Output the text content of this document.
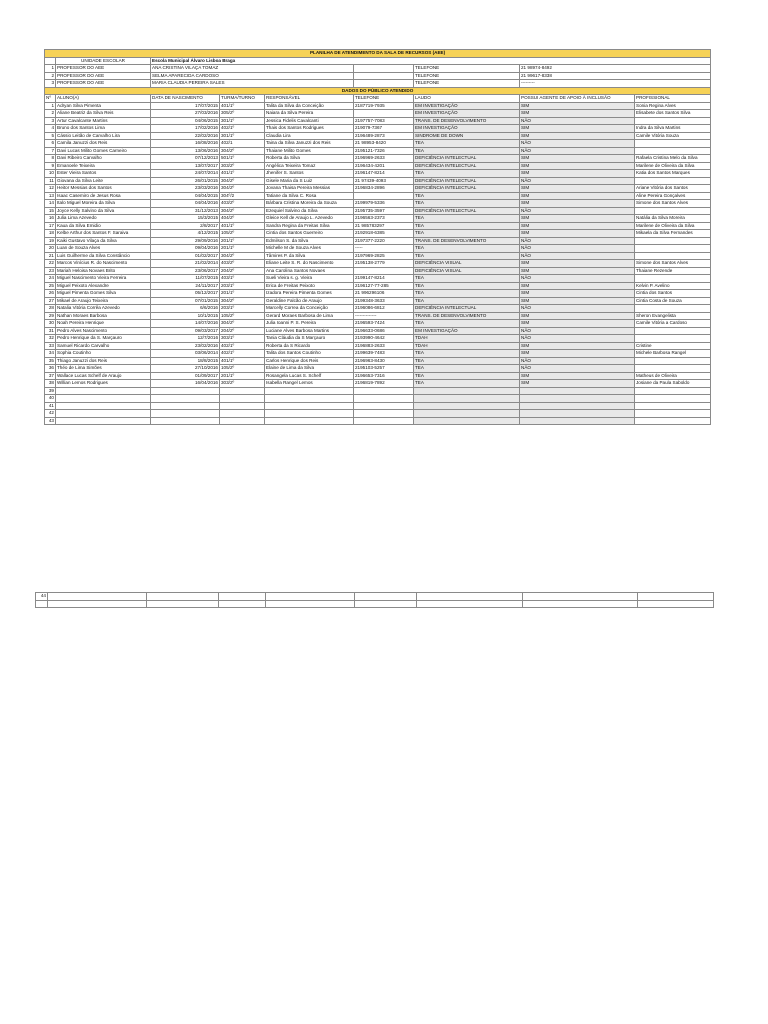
PLANILHA DE ATENDIMENTO DA SALA DE RECURSOS (AEE)								
	UNIDADE ESCOLAR	Escola Municipal Álvaro Lisboa Braga						
1	PROFESSOR DO AEE	ANA CRISTINA VILAÇA TOMAZ				TELEFONE	21 98974-8492	
2	PROFESSOR DO AEE	SELMA APARECIDA CARDOSO				TELEFONE	21 99617-8338	
3	PROFESSOR DO AEE	MARIA CLAUDIA PEREIRA SALES				TELEFONE	---------	
DADOS DO PÚBLICO ATENDIDO								
Nº	ALUNO(A)	DATA DE NASCIMENTO	TURMA/TURNO	RESPONSÁVEL	TELEFONE	LAUDO	POSSUI AGENTE DE APOIO À INCLUSÃO	PROFISSIONAL
1	Adryan Silva Pimenta	17/07/2015	401/1º	Talita da Silva da Conceição	2187719-7935	EM INVESTIGAÇÃO	SIM	Sonia Regina Alves
2	Aliane Beatriz da Silva Reis	27/03/2016	305/2º	Naiara da Silva Pereira		EM INVESTIGAÇÃO	SIM	Elisabete dos Santos Silva
3	Artur Cavalcante Martins	04/06/2015	301/1º	Jessica Fidelis Cavalcanti	2197757-7083	TRANS. DE DESENVOLVIMENTO	NÃO	
4	Bruno dos Santos Lima	17/02/2016	402/1º	Thais dos Santos Rodrigues	219079-7367	EM INVESTIGAÇÃO	SIM	Indra da Silva Martins
5	Cássio Leitão de Carvalho Lira	22/02/2016	301/1º	Claudia Lira	2196489-2873	SINDROME DE DOWN	SIM	Camile Vitória Souza
6	Camila Januzzi dos Reis	16/08/2016	402/1	Taina da Silva Januzzi dos Reis	21 98953-8420	TEA	NÃO	
7	Davi Lucas Milito Gomes Carneiro	13/06/2016	304/2º	Thaiane Milito Gomes	2195121-7326	TEA	NÃO	
8	Davi Ribeiro Carvalho	07/12/2013	501/1º	Roberta da Silva	2196969-2633	DEFICIÊNCIA INTELECTUAL	SIM	Rafaela Cristina Melo da Silva
9	Emanoele Teixeira	13/07/2017	303/2º	Angélica Teixeira Tomaz	2196434-4201	DEFICIÊNCIA INTELECTUAL	SIM	Marilene de Oliveira da Silva
10	Ester Vieira Santos	24/07/2014	401/1º	Jhenifer S. Santos	2196147-8214	TEA	SIM	Katia dos Santos Marques
11	Giovana da Silva Leite	26/01/2015	304/2º	Gisele Maria da S Luiz	21 97439-4093	DEFICIÊNCIA INTELECTUAL	NÃO	
12	Heitor Messias dos Santos	23/03/2016	304/2º	Jovana Thaisa Pereira Messias	2196834-2896	DEFICIÊNCIA INTELECTUAL	SIM	Ariane Vitória dos Santos
13	Isaac Casemiro de Jesus Rosa	04/04/2015	304º/2	Tatiane da Silva C. Rosa		TEA	SIM	Aline Pereira Gonçalves
14	Italo Miguel Moreira da Silva	04/04/2016	403/2º	Bárbara Cristina Moreira da Souza	2199979-5336	TEA	SIM	Simone dos Santos Alves
15	Joyce Kelly Salvino da Silva	31/12/2013	304/2º	Ezequiel Salvino da Silva	2195735-3597	DEFICIÊNCIA INTELECTUAL	NÃO	
16	Julia Lima Azevedo	15/3/2015	404/2º	Gleice Kell de Araujo L. Azevedo	2196563-2373	TEA	SIM	Natália da Silva Moreira
17	Kaua da Silva Emidio	2/8/2017	401/1º	Sandra Regina da Freitas Silva	21 985783297	TEA	SIM	Marilene de Oliveira da Silva
18	Kelbe Arthur dos Santos F. Saraiva	4/12/2015	105/2º	Cintia dos Santos Guerreiro	2192918-6385	TEA	SIM	Mikaela da Silva Fernandes
19	Kaiki Gustavo Vilaça da Silva	29/09/2016	201/1º	Edmilson S. da Silva	2197377-2220	TRANS. DE DESENVOLVIMENTO	NÃO	
20	Luan de Souza Alves	09/04/2016	201/1º	Michelle M de Souza Alves	-----	TEA	NÃO	
21	Luis Guilherme da Silva Constâncio	01/02/2017	304/2º	Tâmires P. da Silva	2197969-2825	TEA	NÃO	
22	Marcos Vinícius R. do Nascimento	21/02/2014	403/2º	Eliane Leite S. R. do Nascimento	2195138-2779	DEFICIÊNCIA VISUAL	SIM	Simone dos Santos Alves
23	Mariah Heloisa Novaes Brito	23/06/2017	204/2º	Ana Carolina Santos Novaes		DEFICIÊNCIA VISUAL	SIM	Thaiane Rezende
24	Miguel Nascimento Vieira Ferreira	11/07/2015	403/1º	Sueli Vieira s. g. Vieira	2199147-8214	TEA	NÃO	
25	Miguel Peixoto Alexandre	24/11/2017	203/1º	Erica de Freitas Peixoto	2196127-77-285	TEA	SIM	Kelvin P. Avelino
26	Miguel Pimenta Gomes Silva	05/12/2017	201/1º	Izadora Pereira Pimenta Gomes	21 996296106	TEA	SIM	Cintia dos Santos
27	Mikael de Araujo Teixeira	07/01/2015	304/2º	Geraldine Falcão de Araujo	2199348-3633	TEA	SIM	Cintia Costa de Souza
28	Natalia Vitória Corrêa Azevedo	6/6/2016	203/1º	Marcelly Correa da Conceição	2196086-6812	DEFICIÊNCIA INTELECTUAL	NÃO	
29	Nathan Moraes Barbosa	10/1/2015	105/2º	Gerard Moraes Barbosa de Lima	--------------	TRANS. DE DESENVOLVIMENTO	SIM	Sheron Evangelista
30	Noah Pereira Henrique	14/07/2016	304/2º	Julia Ioanni P. S. Pereira	2196593-7424	TEA	SIM	Camile Vitória a Cardoso
31	Pedro Alves Nascimento	09/03/2017	204/2º	Luciane Alves Barbosa Martins	2196633-0686	EM INVESTIGAÇÃO	NÃO	
32	Pedro Henrique da S. Marçauro	12/7/2016	303/1º	Tania Cláudia da S Marçauro	2193990-4642	TDAH	NÃO	
33	Samuel Ricardo Carvalho	23/02/2016	402/1º	Roberta da S Ricardo	2196883-2633	TDAH	SIM	Cristine
34	Sophia Coutinho	03/06/2014	402/1º	Talita dos Santos Coutinho	2199639-7483	TEA	SIM	Michele Barbosa Rangel
35	Thiago Januzzi dos Reis	18/8/2015	401/1º	Carlos Henrique dos Reis	2196963-8430	TEA	NÃO	
36	Théo de Lima Simões	27/10/2016	105/2º	Elaine de Lima da Silva	2195103-5257	TEA	NÃO	
37	Wallace Lucas Schelf de Araujo	01/09/2017	201/1º	Rosangela Lucas S. Schelf	2196653-7316	TEA	SIM	Matheus de Oliveira
38	Willian Lemos Rodrigues	16/04/2016	303/2º	Isabella Rangel Lemos	2196819-7892	TEA	SIM	Josiane da Paula Saboldo
39								
40								
41								
42								
43								
44								
